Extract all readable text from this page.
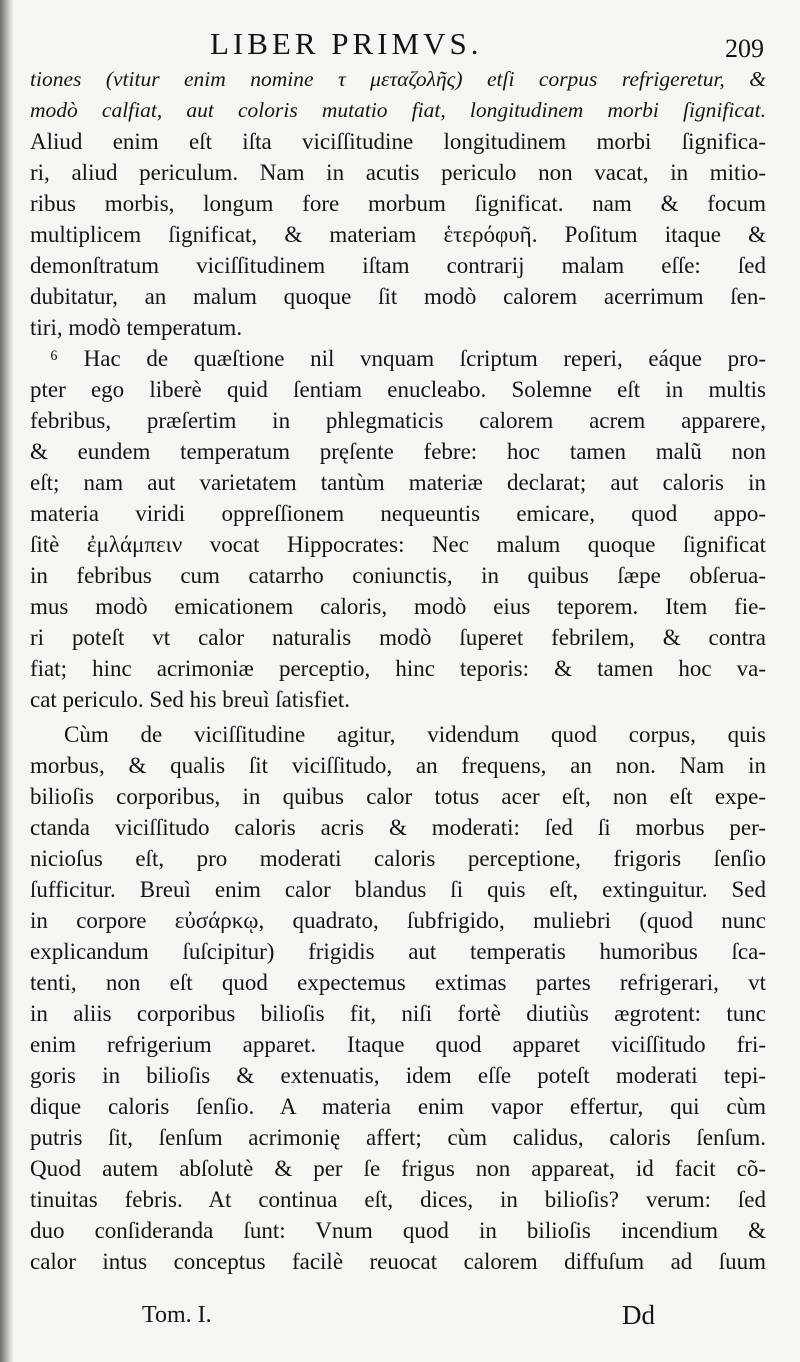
LIBER PRIMVS.	209
tiones (vtitur enim nomine τ μεταζολῆς) etſi corpus refrigeretur, &
modò calfiat, aut coloris mutatio fiat, longitudinem morbi ſignificat.
Aliud enim eſt iſta viciſſitudine longitudinem morbi ſignifica-
ri, aliud periculum. Nam in acutis periculo non vacat, in mitio-
ribus morbis, longum fore morbum ſignificat. nam & focum
multiplicem ſignificat, & materiam ἑτερόφυῆ. Poſitum itaque &
demonſtratum viciſſitudinem iſtam contrarij malam eſſe: ſed
dubitatur, an malum quoque ſit modò calorem acerrimum ſen-
tiri, modò temperatum.
⁶ Hac de quæſtione nil vnquam ſcriptum reperi, eáque pro-
pter ego liberè quid ſentiam enucleabo. Solemne eſt in multis
febribus, præſertim in phlegmaticis calorem acrem apparere,
& eundem temperatum pręſente febre: hoc tamen malũ non
eſt; nam aut varietatem tantùm materiæ declarat; aut caloris in
materia viridi oppreſſionem nequeuntis emicare, quod appo-
ſitè ἐμλάμπειν vocat Hippocrates: Nec malum quoque ſignificat
in febribus cum catarrho coniunctis, in quibus ſæpe obſerua-
mus modò emicationem caloris, modò eius teporem. Item fie-
ri poteſt vt calor naturalis modò ſuperet febrilem, & contra
fiat; hinc acrimoniæ perceptio, hinc teporis: & tamen hoc va-
cat periculo. Sed his breuì ſatisfiet.
Cùm de viciſſitudine agitur, videndum quod corpus, quis
morbus, & qualis ſit viciſſitudo, an frequens, an non. Nam in
bilioſis corporibus, in quibus calor totus acer eſt, non eſt expe-
ctanda viciſſitudo caloris acris & moderati: ſed ſi morbus per-
nicioſus eſt, pro moderati caloris perceptione, frigoris ſenſio
ſufficitur. Breuì enim calor blandus ſi quis eſt, extinguitur. Sed
in corpore εὐσάρκῳ, quadrato, ſubfrigido, muliebri (quod nunc
explicandum ſuſcipitur) frigidis aut temperatis humoribus ſca-
tenti, non eſt quod expectemus extimas partes refrigerari, vt
in aliis corporibus bilioſis fit, niſi fortè diutiùs ægrotent: tunc
enim refrigerium apparet. Itaque quod apparet viciſſitudo fri-
goris in bilioſis & extenuatis, idem eſſe poteſt moderati tepi-
dique caloris ſenſio. A materia enim vapor effertur, qui cùm
putris ſit, ſenſum acrimonię affert; cùm calidus, caloris ſenſum.
Quod autem abſolutè & per ſe frigus non appareat, id facit cõ-
tinuitas febris. At continua eſt, dices, in bilioſis? verum: ſed
duo conſideranda ſunt: Vnum quod in bilioſis incendium &
calor intus conceptus facilè reuocat calorem diffuſum ad ſuum
Tom. I.	Dd
